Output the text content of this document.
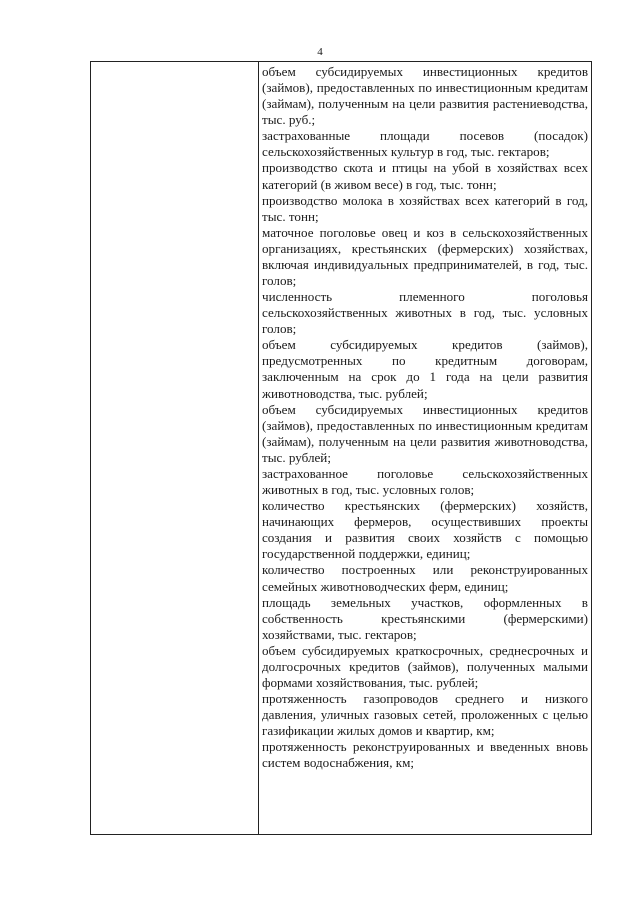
4

объем субсидируемых инвестиционных кредитов (займов), предоставленных по инвестиционным кредитам (займам), полученным на цели развития растениеводства, тыс. руб.;

застрахованные площади посевов (посадок) сельскохозяйственных культур в год, тыс. гектаров;

производство скота и птицы на убой в хозяйствах всех категорий (в живом весе) в год, тыс. тонн;

производство молока в хозяйствах всех категорий в год, тыс. тонн;

маточное поголовье овец и коз в сельскохозяйственных организациях, крестьянских (фермерских) хозяйствах, включая индивидуальных предпринимателей, в год, тыс. голов;

численность племенного поголовья сельскохозяйственных животных в год, тыс. условных голов;

объем субсидируемых кредитов (займов), предусмотренных по кредитным договорам, заключенным на срок до 1 года на цели развития животноводства, тыс. рублей;

объем субсидируемых инвестиционных кредитов (займов), предоставленных по инвестиционным кредитам (займам), полученным на цели развития животноводства, тыс. рублей;

застрахованное поголовье сельскохозяйственных животных в год, тыс. условных голов;

количество крестьянских (фермерских) хозяйств, начинающих фермеров, осуществивших проекты создания и развития своих хозяйств с помощью государственной поддержки, единиц;

количество построенных или реконструированных семейных животноводческих ферм, единиц;

площадь земельных участков, оформленных в собственность крестьянскими (фермерскими) хозяйствами, тыс. гектаров;

объем субсидируемых краткосрочных, среднесрочных и долгосрочных кредитов (займов), полученных малыми формами хозяйствования, тыс. рублей;

протяженность газопроводов среднего и низкого давления, уличных газовых сетей, проложенных с целью газификации жилых домов и квартир, км;

протяженность реконструированных и введенных вновь систем водоснабжения, км;
